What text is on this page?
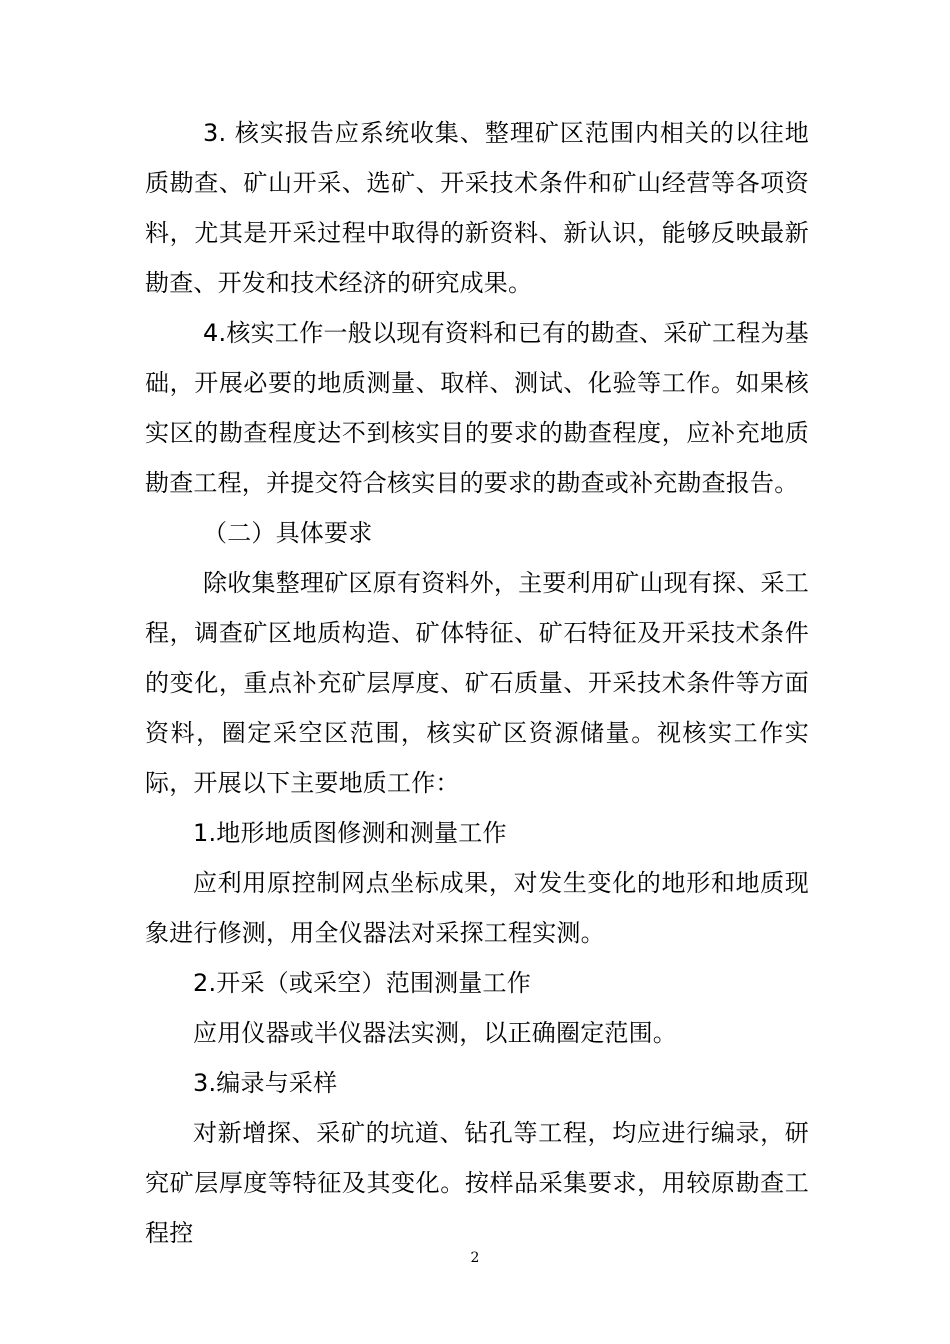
3. 核实报告应系统收集、整理矿区范围内相关的以往地质勘查、矿山开采、选矿、开采技术条件和矿山经营等各项资料，尤其是开采过程中取得的新资料、新认识，能够反映最新勘查、开发和技术经济的研究成果。

4.核实工作一般以现有资料和已有的勘查、采矿工程为基础，开展必要的地质测量、取样、测试、化验等工作。如果核实区的勘查程度达不到核实目的要求的勘查程度，应补充地质勘查工程，并提交符合核实目的要求的勘查或补充勘查报告。

（二）具体要求

除收集整理矿区原有资料外，主要利用矿山现有探、采工程，调查矿区地质构造、矿体特征、矿石特征及开采技术条件的变化，重点补充矿层厚度、矿石质量、开采技术条件等方面资料，圈定采空区范围，核实矿区资源储量。视核实工作实际，开展以下主要地质工作：

1.地形地质图修测和测量工作

应利用原控制网点坐标成果，对发生变化的地形和地质现象进行修测，用全仪器法对采探工程实测。

2.开采（或采空）范围测量工作

应用仪器或半仪器法实测，以正确圈定范围。

3.编录与采样

对新增探、采矿的坑道、钻孔等工程，均应进行编录，研究矿层厚度等特征及其变化。按样品采集要求，用较原勘查工程控

2
